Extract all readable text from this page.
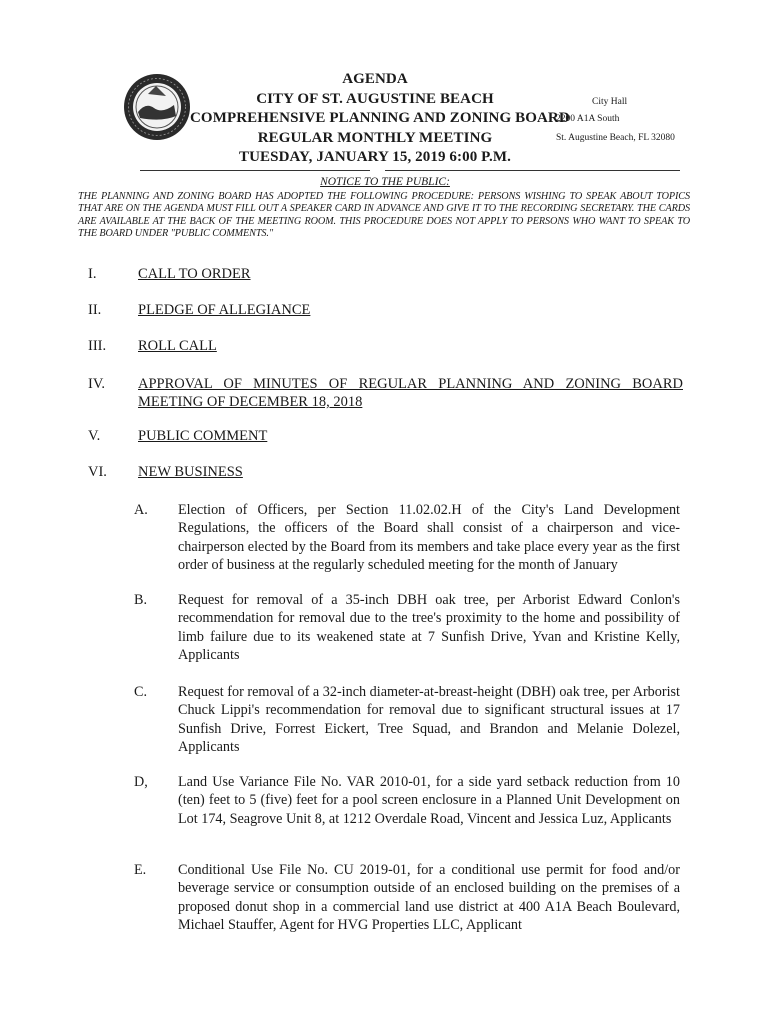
AGENDA
CITY OF ST. AUGUSTINE BEACH
COMPREHENSIVE PLANNING AND ZONING BOARD
REGULAR MONTHLY MEETING
TUESDAY, JANUARY 15, 2019 6:00 P.M.
City Hall
2200 A1A South
St. Augustine Beach, FL 32080
NOTICE TO THE PUBLIC:
THE PLANNING AND ZONING BOARD HAS ADOPTED THE FOLLOWING PROCEDURE: PERSONS WISHING TO SPEAK ABOUT TOPICS THAT ARE ON THE AGENDA MUST FILL OUT A SPEAKER CARD IN ADVANCE AND GIVE IT TO THE RECORDING SECRETARY. THE CARDS ARE AVAILABLE AT THE BACK OF THE MEETING ROOM. THIS PROCEDURE DOES NOT APPLY TO PERSONS WHO WANT TO SPEAK TO THE BOARD UNDER "PUBLIC COMMENTS."
I.	CALL TO ORDER
II.	PLEDGE OF ALLEGIANCE
III. ROLL CALL
IV. APPROVAL OF MINUTES OF REGULAR PLANNING AND ZONING BOARD MEETING OF DECEMBER 18, 2018
V.	PUBLIC COMMENT
VI. NEW BUSINESS
A. Election of Officers, per Section 11.02.02.H of the City's Land Development Regulations, the officers of the Board shall consist of a chairperson and vice-chairperson elected by the Board from its members and take place every year as the first order of business at the regularly scheduled meeting for the month of January
B. Request for removal of a 35-inch DBH oak tree, per Arborist Edward Conlon's recommendation for removal due to the tree's proximity to the home and possibility of limb failure due to its weakened state at 7 Sunfish Drive, Yvan and Kristine Kelly, Applicants
C. Request for removal of a 32-inch diameter-at-breast-height (DBH) oak tree, per Arborist Chuck Lippi's recommendation for removal due to significant structural issues at 17 Sunfish Drive, Forrest Eickert, Tree Squad, and Brandon and Melanie Dolezel, Applicants
D, Land Use Variance File No. VAR 2010-01, for a side yard setback reduction from 10 (ten) feet to 5 (five) feet for a pool screen enclosure in a Planned Unit Development on Lot 174, Seagrove Unit 8, at 1212 Overdale Road, Vincent and Jessica Luz, Applicants
E. Conditional Use File No. CU 2019-01, for a conditional use permit for food and/or beverage service or consumption outside of an enclosed building on the premises of a proposed donut shop in a commercial land use district at 400 A1A Beach Boulevard, Michael Stauffer, Agent for HVG Properties LLC, Applicant
